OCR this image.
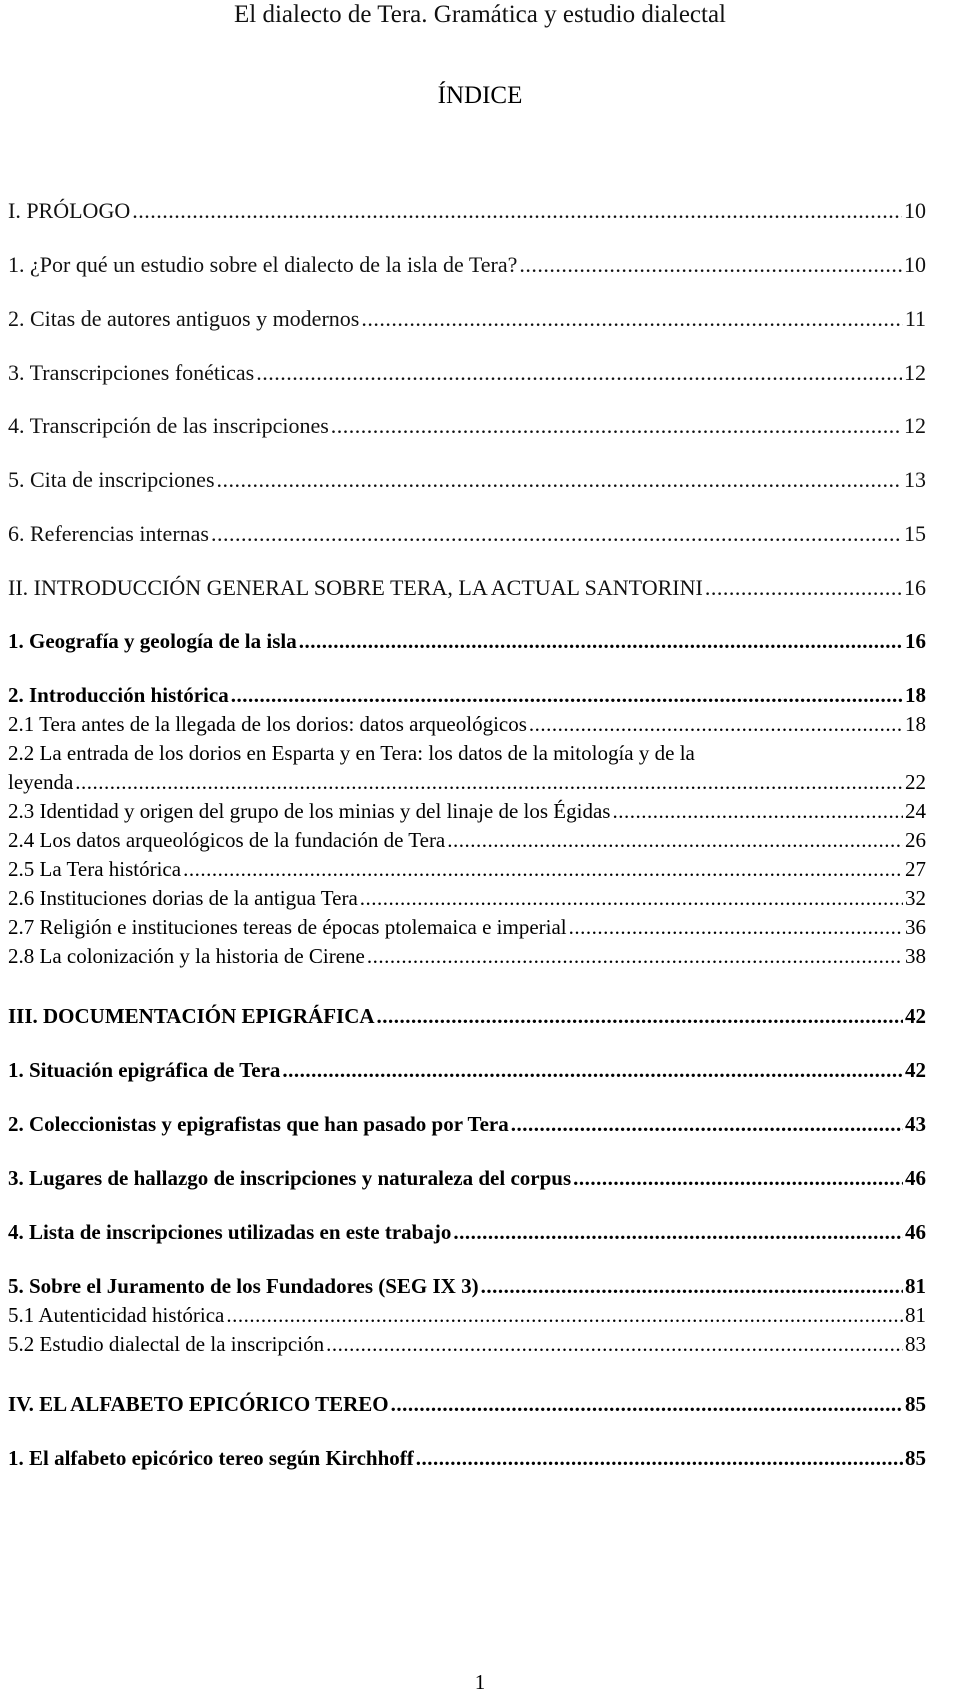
El dialecto de Tera. Gramática y estudio dialectal
ÍNDICE
I. PRÓLOGO .....	10
1. ¿Por qué un estudio sobre el dialecto de la isla de Tera? .....	10
2. Citas de autores antiguos y modernos .....	11
3. Transcripciones fonéticas .....	12
4. Transcripción de las inscripciones .....	12
5. Cita de inscripciones .....	13
6. Referencias internas .....	15
II. INTRODUCCIÓN GENERAL SOBRE TERA, LA ACTUAL SANTORINI .....	16
1. Geografía y geología de la isla .....	16
2. Introducción histórica .....	18
2.1 Tera antes de la llegada de los dorios: datos arqueológicos .....	18
2.2 La entrada de los dorios en Esparta y en Tera: los datos de la mitología y de la
leyenda .....	22
2.3 Identidad y origen del grupo de los minias y del linaje de los Égidas .....	24
2.4 Los datos arqueológicos de la fundación de Tera .....	26
2.5 La Tera histórica .....	27
2.6 Instituciones dorias de la antigua Tera .....	32
2.7 Religión e instituciones tereas de épocas ptolemaica e imperial .....	36
2.8 La colonización y la historia de Cirene .....	38
III. DOCUMENTACIÓN EPIGRÁFICA .....	42
1. Situación epigráfica de Tera .....	42
2. Coleccionistas y epigrafistas que han pasado por Tera .....	43
3. Lugares de hallazgo de inscripciones y naturaleza del corpus .....	46
4. Lista de inscripciones utilizadas en este trabajo .....	46
5. Sobre el Juramento de los Fundadores (SEG IX 3) .....	81
5.1 Autenticidad histórica .....	81
5.2 Estudio dialectal de la inscripción .....	83
IV. EL ALFABETO EPICÓRICO TEREO .....	85
1. El alfabeto epicórico tereo según Kirchhoff .....	85
1
